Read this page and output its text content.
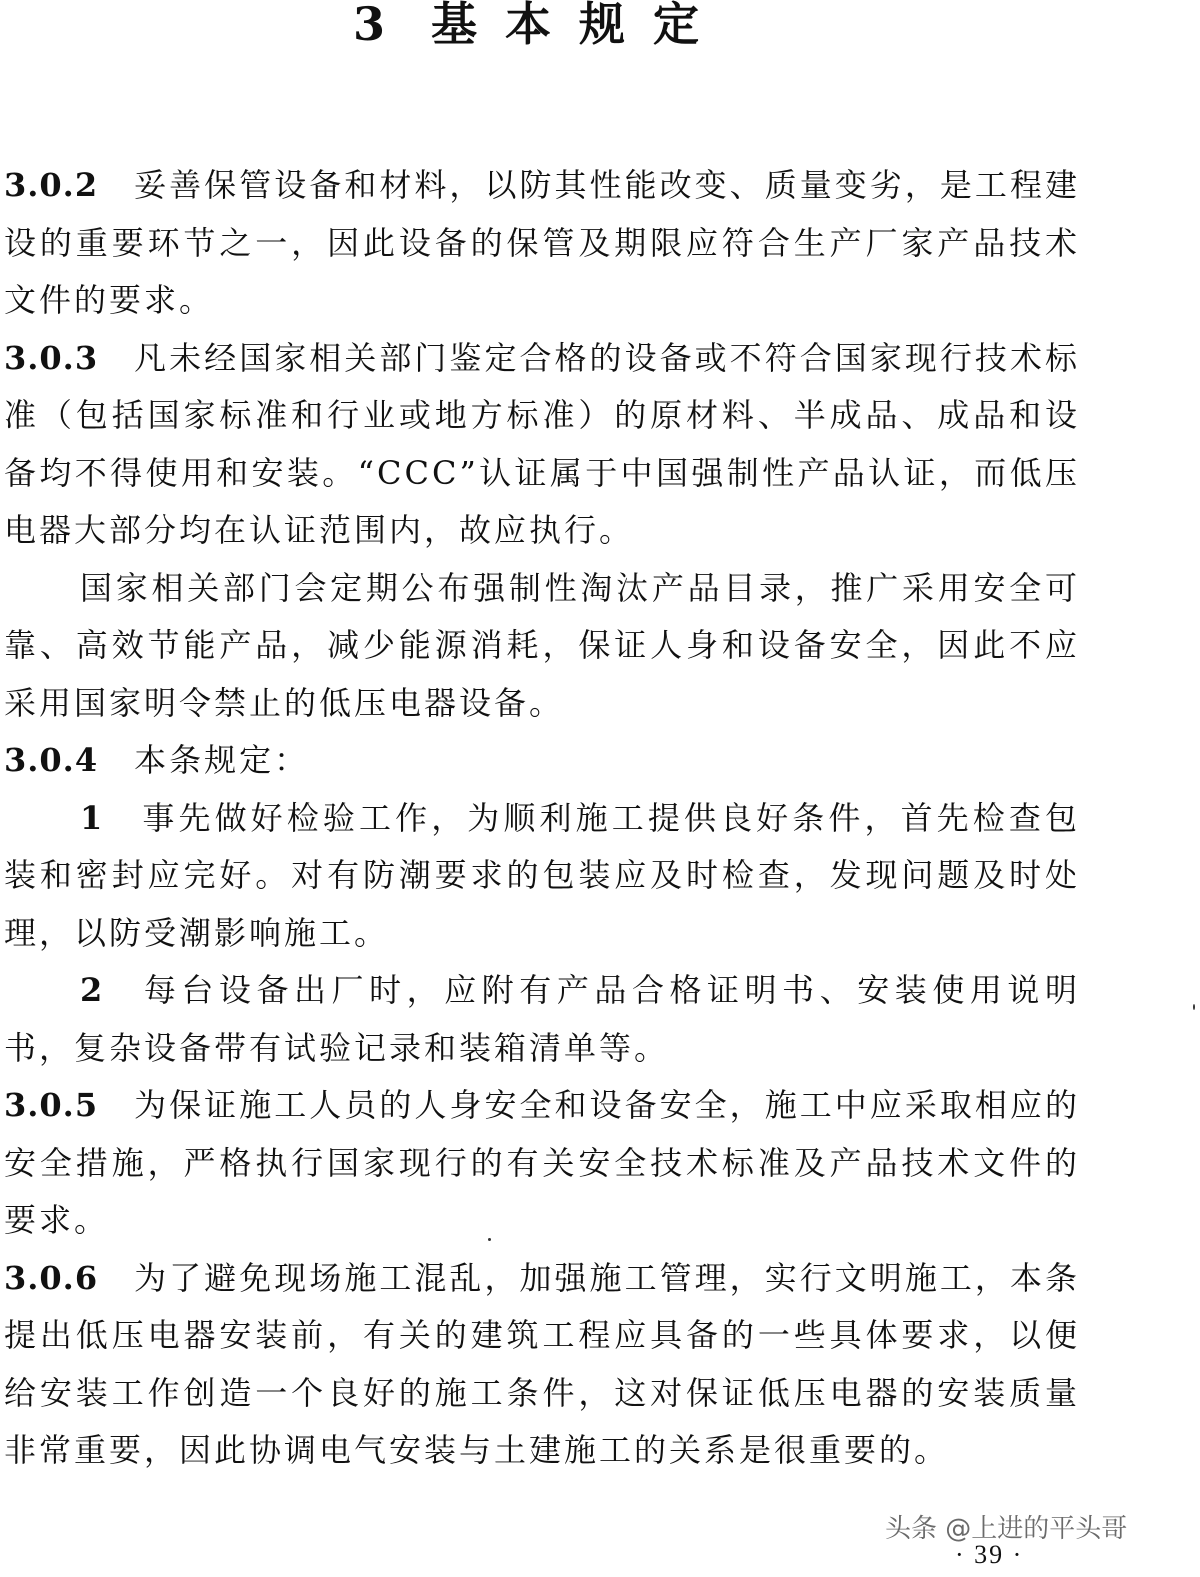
3 基本规定

3.0.2 妥善保管设备和材料，以防其性能改变、质量变劣，是工程建设的重要环节之一，因此设备的保管及期限应符合生产厂家产品技术文件的要求。

3.0.3 凡未经国家相关部门鉴定合格的设备或不符合国家现行技术标准（包括国家标准和行业或地方标准）的原材料、半成品、成品和设备均不得使用和安装。“CCC”认证属于中国强制性产品认证，而低压电器大部分均在认证范围内，故应执行。

国家相关部门会定期公布强制性淘汰产品目录，推广采用安全可靠、高效节能产品，减少能源消耗，保证人身和设备安全，因此不应采用国家明令禁止的低压电器设备。

3.0.4 本条规定：

1 事先做好检验工作，为顺利施工提供良好条件，首先检查包装和密封应完好。对有防潮要求的包装应及时检查，发现问题及时处理，以防受潮影响施工。

2 每台设备出厂时，应附有产品合格证明书、安装使用说明书，复杂设备带有试验记录和装箱清单等。

3.0.5 为保证施工人员的人身安全和设备安全，施工中应采取相应的安全措施，严格执行国家现行的有关安全技术标准及产品技术文件的要求。

3.0.6 为了避免现场施工混乱，加强施工管理，实行文明施工，本条提出低压电器安装前，有关的建筑工程应具备的一些具体要求，以便给安装工作创造一个良好的施工条件，这对保证低压电器的安装质量非常重要，因此协调电气安装与土建施工的关系是很重要的。

头条 @上进的平头哥
· 39 ·
